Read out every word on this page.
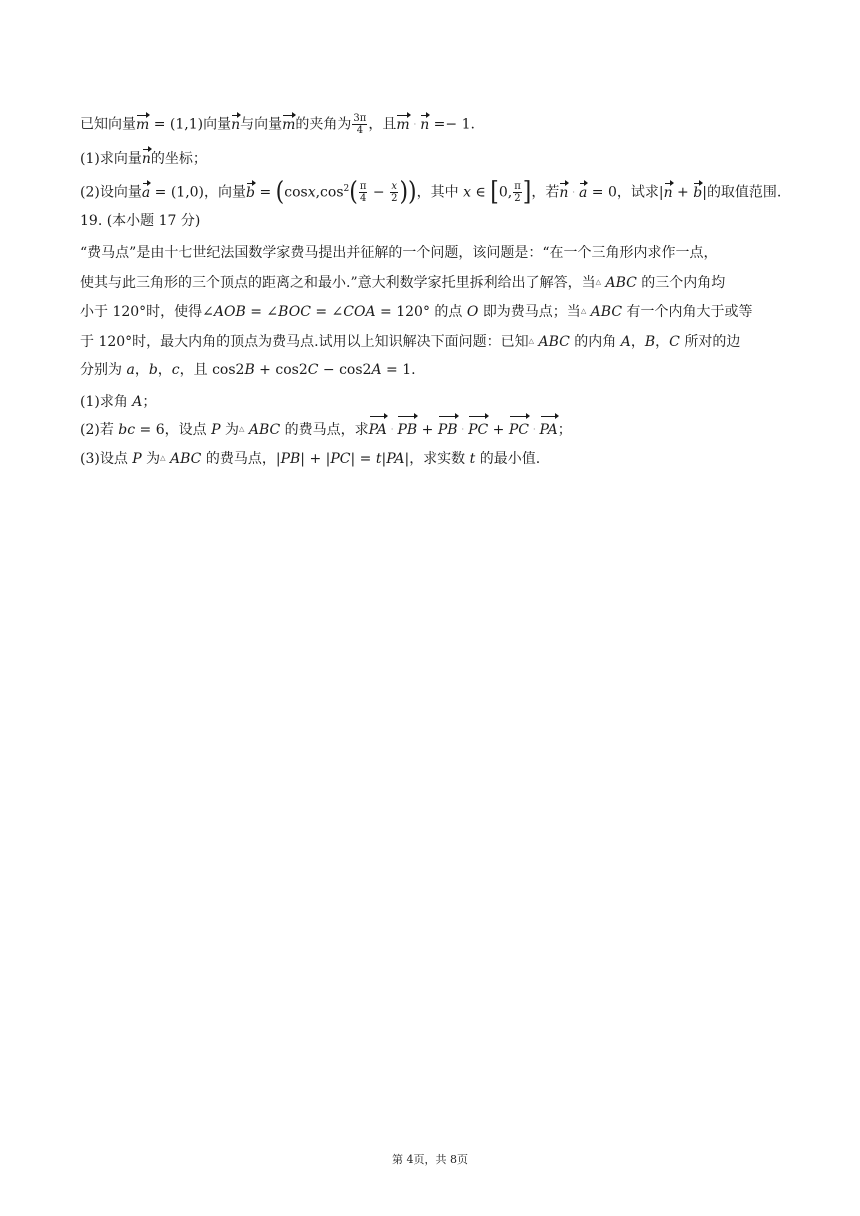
已知向量m = (1,1)向量n与向量m的夹角为 $\frac{3\pi}{4}$ ，且m · n =− 1.
(1)求向量n的坐标；
(2)设向量a = (1,0)，向量$b = (\cos x,\cos^2( \frac{\pi}{4} - \frac{x}{2}$ ))，其中 x ∈ [0, $\frac{\pi}{2}$ ]，若n · a = 0，试求|n + b|的取值范围.
19. (本小题 17 分)
“费马点”是由十七世纪法国数学家费马提出并征解的一个问题，该问题是：“在一个三角形内求作一点，
使其与此三角形的三个顶点的距离之和最小.”意大利数学家托里拆利给出了解答，当△ ABC 的三个内角均
小于 120°时，使得∠AOB = ∠BOC = ∠COA = 120° 的点 O 即为费马点；当△ ABC 有一个内角大于或等
于 120°时，最大内角的顶点为费马点.试用以上知识解决下面问题：已知△ ABC 的内角 A，B，C 所对的边
分别为 a，b，c，且 cos2B + cos2C − cos2A = 1.
(1)求角 A；
(2)若 bc = 6，设点 P 为△ ABC 的费马点，求PA · PB + PB · PC + PC · PA；
(3)设点 P 为△ ABC 的费马点，|PB| + |PC| = t|PA|，求实数 t 的最小值.
第 4页，共 8页
